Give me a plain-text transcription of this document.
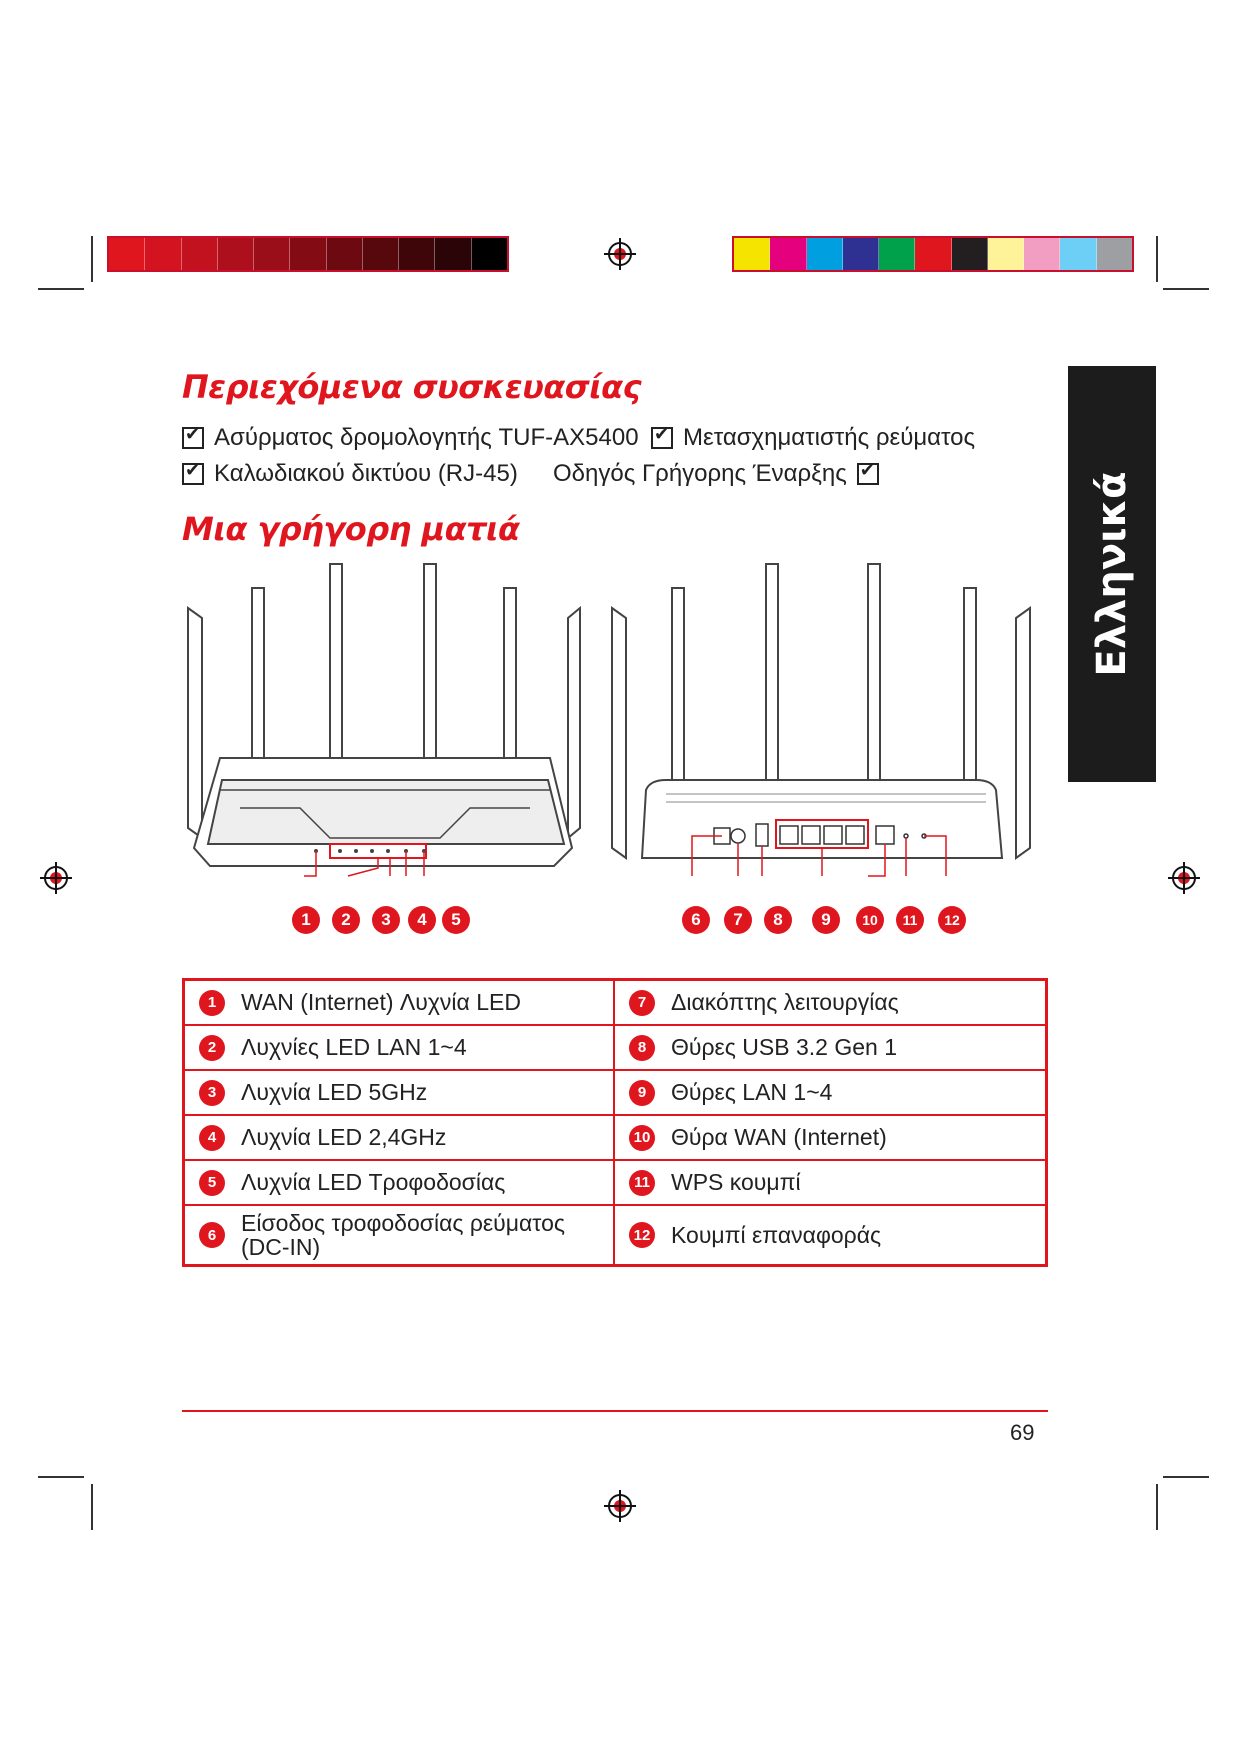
Ελληνικά
Περιεχόμενα συσκευασίας
✔
Ασύρματος δρομολογητής TUF-AX5400
✔ Μετασχηματιστής ρεύματος
✔
Καλωδιακού δικτύου (RJ-45) Οδηγός Γρήγορης Έναρξης
✔
Μια γρήγορη ματιά
1	2	3	4	5	6	7	8	9	10	11	12
1	WAN (Internet) Λυχνία LED	7	Διακόπτης λειτουργίας
2	Λυχνίες LED LAN 1~4	8	Θύρες USB 3.2 Gen 1
3	Λυχνία LED 5GHz	9	Θύρες LAN 1~4
4	Λυχνία LED 2,4GHz	10 Θύρα WAN (Internet)
5	Λυχνία LED Τροφοδοσίας	11 WPS κουμπί
6	Είσοδος τροφοδοσίας ρεύματος (DC-IN)	12 Κουμπί επαναφοράς
69
